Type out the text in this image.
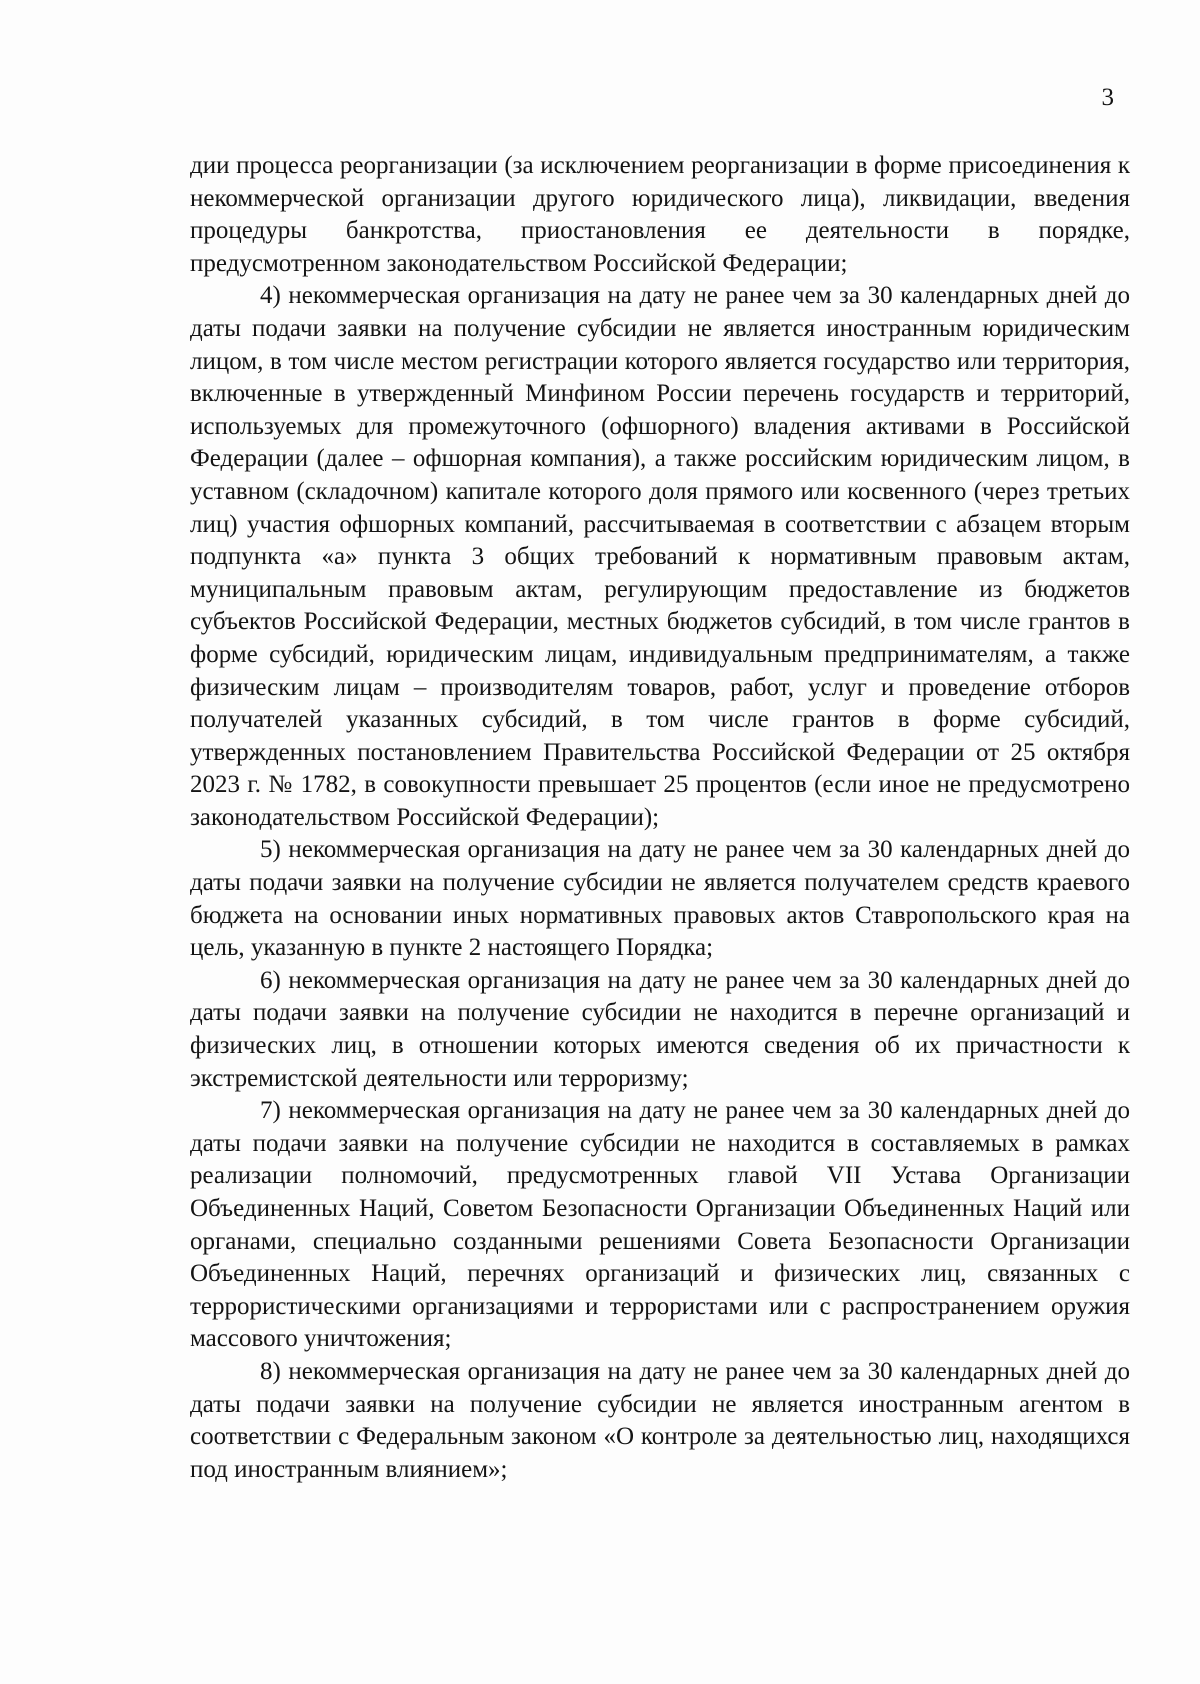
3

дии процесса реорганизации (за исключением реорганизации в форме присоединения к некоммерческой организации другого юридического лица), ликвидации, введения процедуры банкротства, приостановления ее деятельности в порядке, предусмотренном законодательством Российской Федерации;

4) некоммерческая организация на дату не ранее чем за 30 календарных дней до даты подачи заявки на получение субсидии не является иностранным юридическим лицом, в том числе местом регистрации которого является государство или территория, включенные в утвержденный Минфином России перечень государств и территорий, используемых для промежуточного (офшорного) владения активами в Российской Федерации (далее – офшорная компания), а также российским юридическим лицом, в уставном (складочном) капитале которого доля прямого или косвенного (через третьих лиц) участия офшорных компаний, рассчитываемая в соответствии с абзацем вторым подпункта «а» пункта 3 общих требований к нормативным правовым актам, муниципальным правовым актам, регулирующим предоставление из бюджетов субъектов Российской Федерации, местных бюджетов субсидий, в том числе грантов в форме субсидий, юридическим лицам, индивидуальным предпринимателям, а также физическим лицам – производителям товаров, работ, услуг и проведение отборов получателей указанных субсидий, в том числе грантов в форме субсидий, утвержденных постановлением Правительства Российской Федерации от 25 октября 2023 г. № 1782, в совокупности превышает 25 процентов (если иное не предусмотрено законодательством Российской Федерации);

5) некоммерческая организация на дату не ранее чем за 30 календарных дней до даты подачи заявки на получение субсидии не является получателем средств краевого бюджета на основании иных нормативных правовых актов Ставропольского края на цель, указанную в пункте 2 настоящего Порядка;

6) некоммерческая организация на дату не ранее чем за 30 календарных дней до даты подачи заявки на получение субсидии не находится в перечне организаций и физических лиц, в отношении которых имеются сведения об их причастности к экстремистской деятельности или терроризму;

7) некоммерческая организация на дату не ранее чем за 30 календарных дней до даты подачи заявки на получение субсидии не находится в составляемых в рамках реализации полномочий, предусмотренных главой VII Устава Организации Объединенных Наций, Советом Безопасности Организации Объединенных Наций или органами, специально созданными решениями Совета Безопасности Организации Объединенных Наций, перечнях организаций и физических лиц, связанных с террористическими организациями и террористами или с распространением оружия массового уничтожения;

8) некоммерческая организация на дату не ранее чем за 30 календарных дней до даты подачи заявки на получение субсидии не является иностранным агентом в соответствии с Федеральным законом «О контроле за деятельностью лиц, находящихся под иностранным влиянием»;
